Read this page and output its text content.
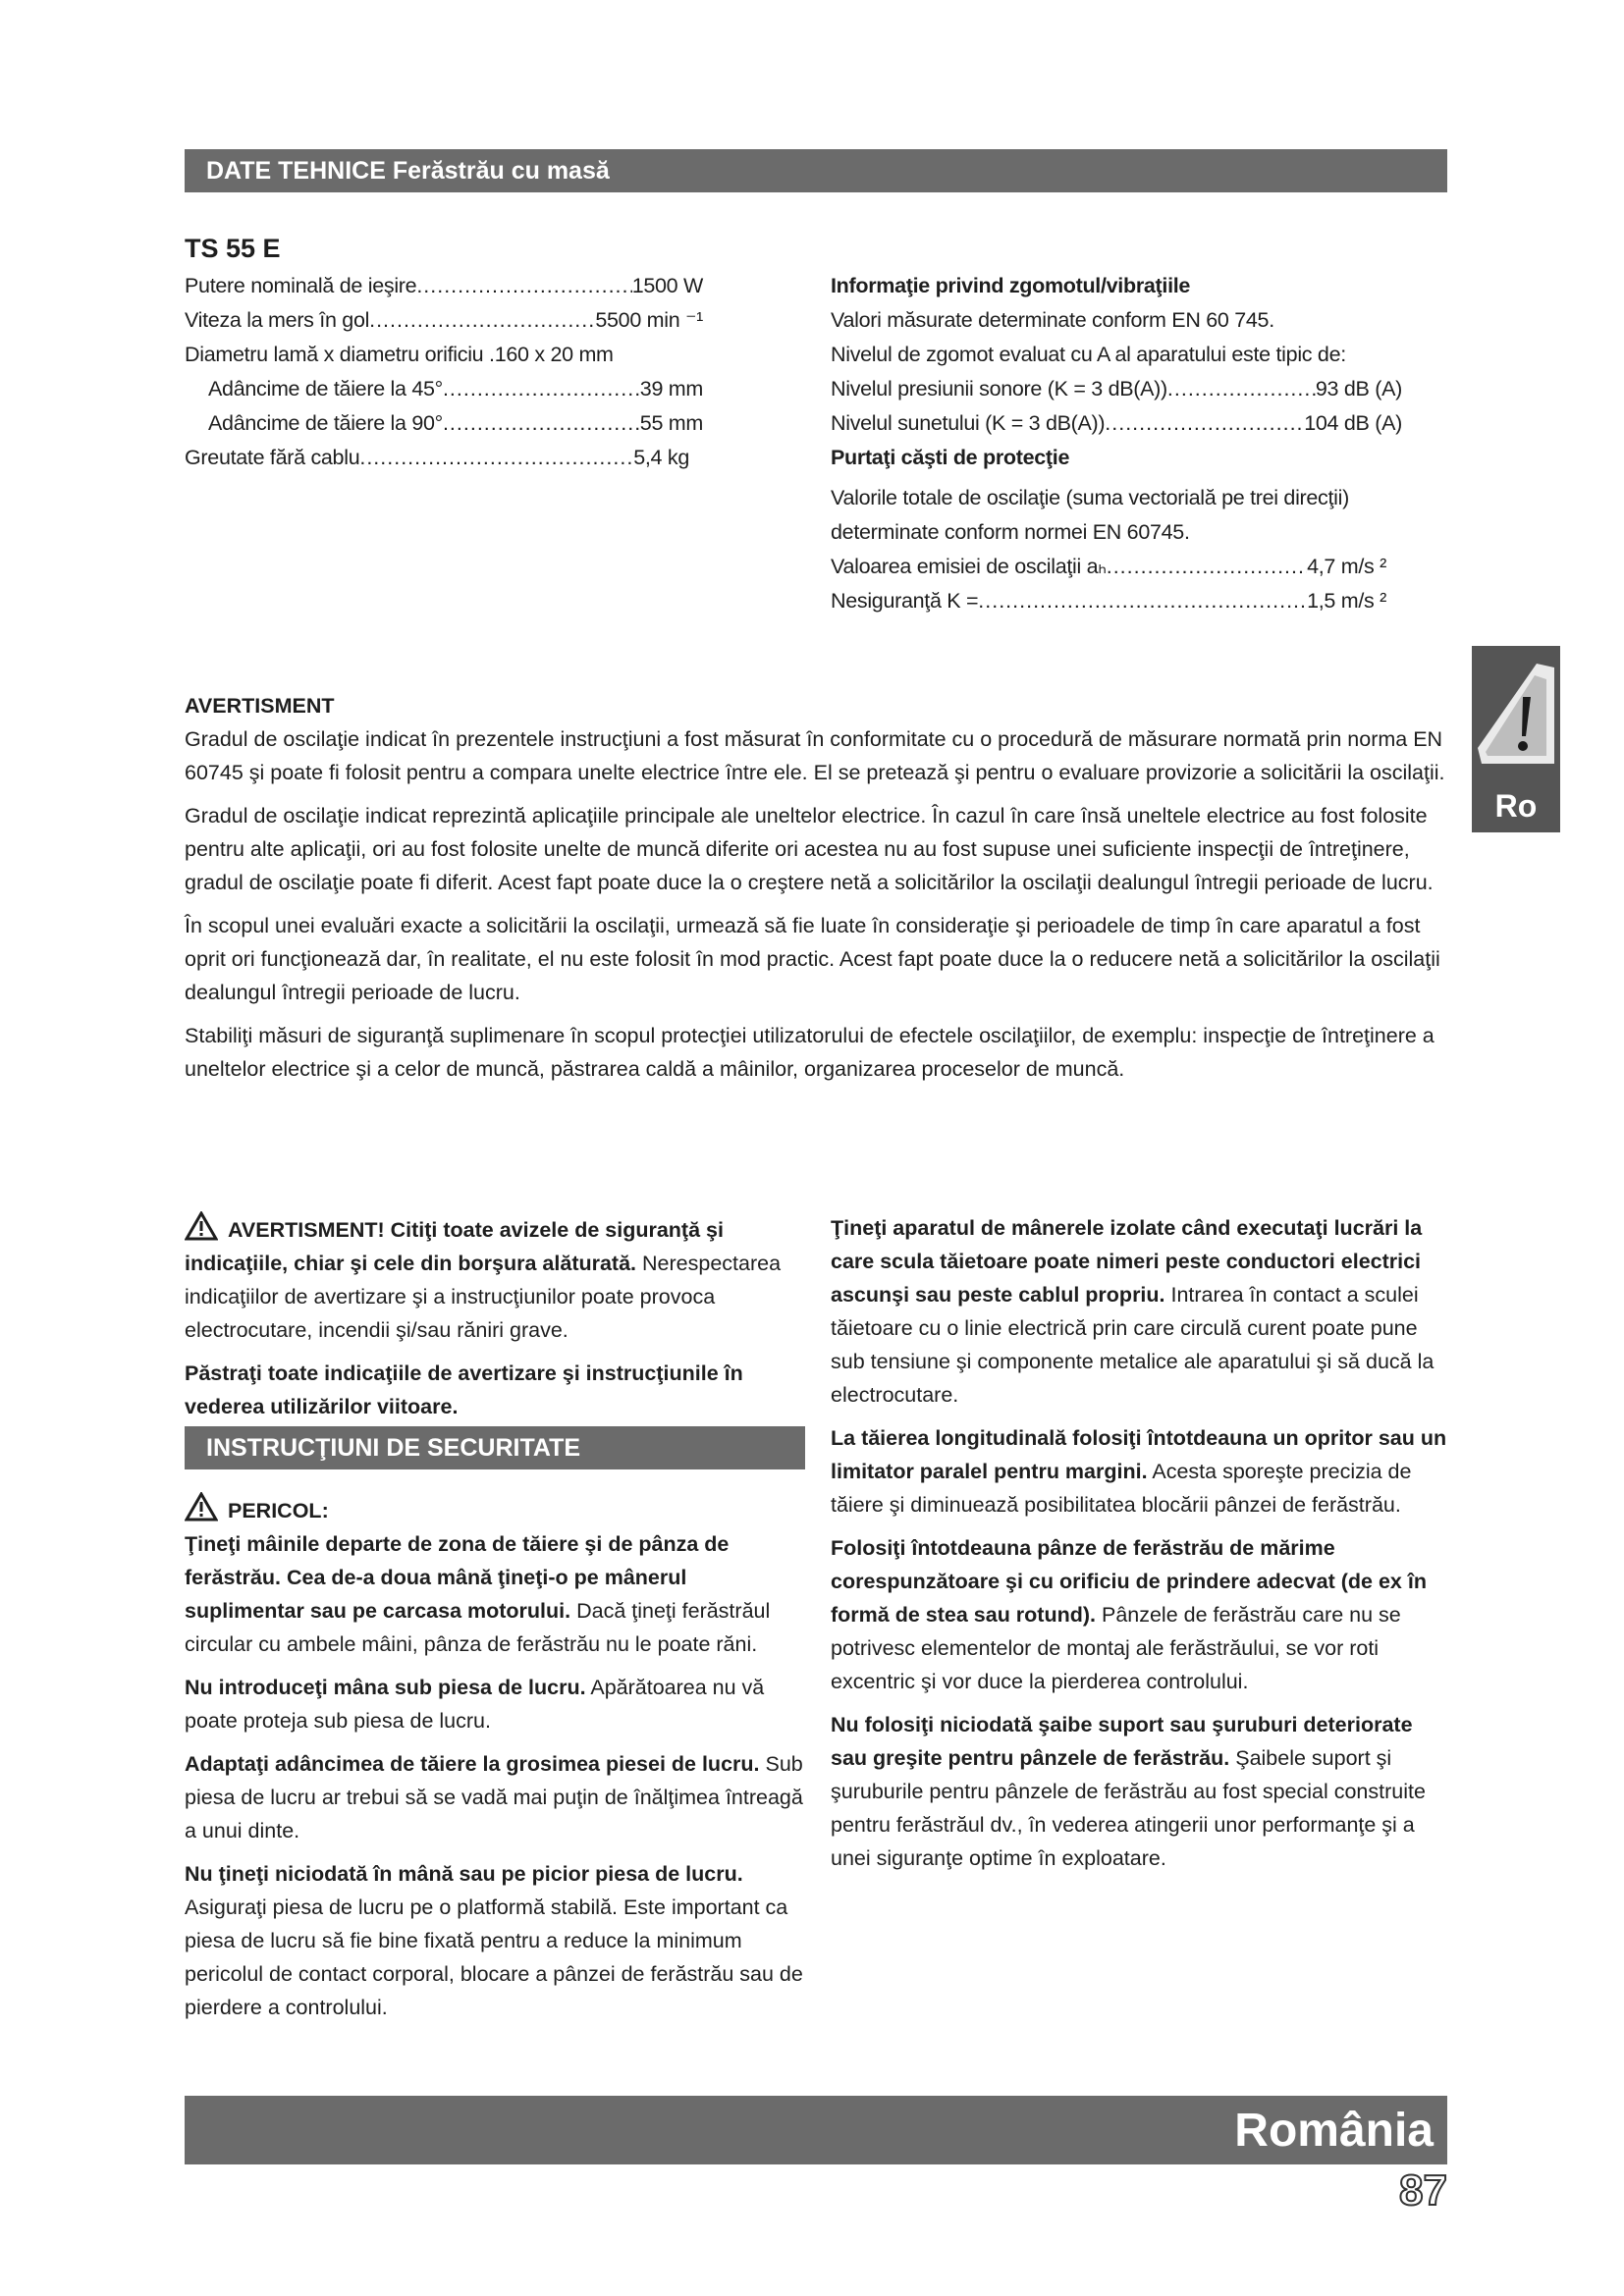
DATE TEHNICE Ferăstrău cu masă
TS 55 E
Putere nominală de ieşire .....	1500 W
Viteza la mers în gol .....	5500 min ⁻¹
Diametru lamă x diametru orificiu . 160 x 20 mm
Adâncime de tăiere la 45° .....	39 mm
Adâncime de tăiere la 90° .....	55 mm
Greutate fără cablu .....	5,4 kg
Informaţie privind zgomotul/vibraţiile
Valori măsurate determinate conform EN 60 745.
Nivelul de zgomot evaluat cu A al aparatului este tipic de:
Nivelul presiunii sonore (K = 3 dB(A)) .....	93 dB (A)
Nivelul sunetului (K = 3 dB(A)) .....	104 dB (A)
Purtaţi căşti de protecţie
Valorile totale de oscilaţie (suma vectorială pe trei direcţii) determinate conform normei EN 60745.
Valoarea emisiei de oscilaţii aₕ .....	4,7 m/s ²
Nesiguranţă K = .....	1,5 m/s ²
Ro
AVERTISMENT

Gradul de oscilaţie indicat în prezentele instrucţiuni a fost măsurat în conformitate cu o procedură de măsurare normată prin norma EN 60745 şi poate fi folosit pentru a compara unelte electrice între ele. El se pretează şi pentru o evaluare provizorie a solicitării la oscilaţii.

Gradul de oscilaţie indicat reprezintă aplicaţiile principale ale uneltelor electrice. În cazul în care însă uneltele electrice au fost folosite pentru alte aplicaţii, ori au fost folosite unelte de muncă diferite ori acestea nu au fost supuse unei suficiente inspecţii de întreţinere, gradul de oscilaţie poate fi diferit. Acest fapt poate duce la o creştere netă a solicitărilor la oscilaţii dealungul întregii perioade de lucru.

În scopul unei evaluări exacte a solicitării la oscilaţii, urmează să fie luate în consideraţie şi perioadele de timp în care aparatul a fost oprit ori funcţionează dar, în realitate, el nu este folosit în mod practic. Acest fapt poate duce la o reducere netă a solicitărilor la oscilaţii dealungul întregii perioade de lucru.

Stabiliţi măsuri de siguranţă suplimenare în scopul protecţiei utilizatorului de efectele oscilaţiilor, de exemplu: inspecţie de întreţinere a uneltelor electrice şi a celor de muncă, păstrarea caldă a mâinilor, organizarea proceselor de muncă.

AVERTISMENT! Citiţi toate avizele de siguranţă şi indicaţiile, chiar şi cele din borşura alăturată. Nerespectarea indicaţiilor de avertizare şi a instrucţiunilor poate provoca electrocutare, incendii şi/sau răniri grave.

Păstraţi toate indicaţiile de avertizare şi instrucţiunile în vederea utilizărilor viitoare.

INSTRUCŢIUNI DE SECURITATE
PERICOL:

Ţineţi mâinile departe de zona de tăiere şi de pânza de ferăstrău. Cea de-a doua mână ţineţi-o pe mânerul suplimentar sau pe carcasa motorului. Dacă ţineţi ferăstrăul circular cu ambele mâini, pânza de ferăstrău nu le poate răni.

Nu introduceţi mâna sub piesa de lucru. Apărătoarea nu vă poate proteja sub piesa de lucru.

Adaptaţi adâncimea de tăiere la grosimea piesei de lucru. Sub piesa de lucru ar trebui să se vadă mai puţin de înălţimea întreagă a unui dinte.

Nu ţineţi niciodată în mână sau pe picior piesa de lucru. Asiguraţi piesa de lucru pe o platformă stabilă. Este important ca piesa de lucru să fie bine fixată pentru a reduce la minimum pericolul de contact corporal, blocare a pânzei de ferăstrău sau de pierdere a controlului.

Ţineţi aparatul de mânerele izolate când executaţi lucrări la care scula tăietoare poate nimeri peste conductori electrici ascunşi sau peste cablul propriu. Intrarea în contact a sculei tăietoare cu o linie electrică prin care circulă curent poate pune sub tensiune şi componente metalice ale aparatului şi să ducă la electrocutare.

La tăierea longitudinală folosiţi întotdeauna un opritor sau un limitator paralel pentru margini. Acesta sporeşte precizia de tăiere şi diminuează posibilitatea blocării pânzei de ferăstrău.

Folosiţi întotdeauna pânze de ferăstrău de mărime corespunzătoare şi cu orificiu de prindere adecvat (de ex în formă de stea sau rotund). Pânzele de ferăstrău care nu se potrivesc elementelor de montaj ale ferăstrăului, se vor roti excentric şi vor duce la pierderea controlului.

Nu folosiţi niciodată şaibe suport sau şuruburi deteriorate sau greşite pentru pânzele de ferăstrău. Şaibele suport şi şuruburile pentru pânzele de ferăstrău au fost special construite pentru ferăstrăul dv., în vederea atingerii unor performanţe şi a unei siguranţe optime în exploatare.

România
87
